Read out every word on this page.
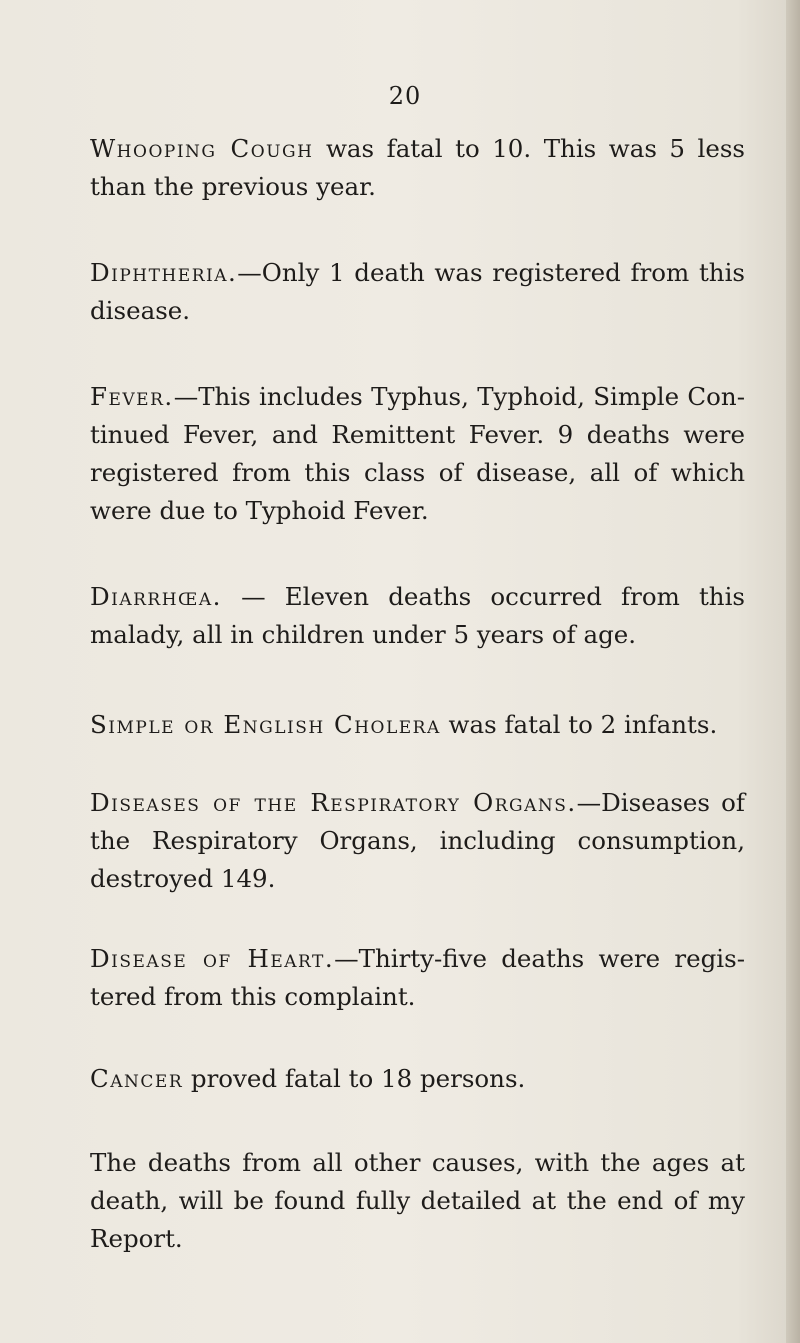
20

Whooping Cough was fatal to 10. This was 5 less than the previous year.

Diphtheria.—Only 1 death was registered from this disease.

Fever.—This includes Typhus, Typhoid, Simple Con- tinued Fever, and Remittent Fever. 9 deaths were registered from this class of disease, all of which were due to Typhoid Fever.

Diarrhœa. — Eleven deaths occurred from this malady, all in children under 5 years of age.

Simple or English Cholera was fatal to 2 infants.

Diseases of the Respiratory Organs.—Diseases of the Respiratory Organs, including consumption, destroyed 149.

Disease of Heart.—Thirty-five deaths were regis- tered from this complaint.

Cancer proved fatal to 18 persons.

The deaths from all other causes, with the ages at death, will be found fully detailed at the end of my Report.
